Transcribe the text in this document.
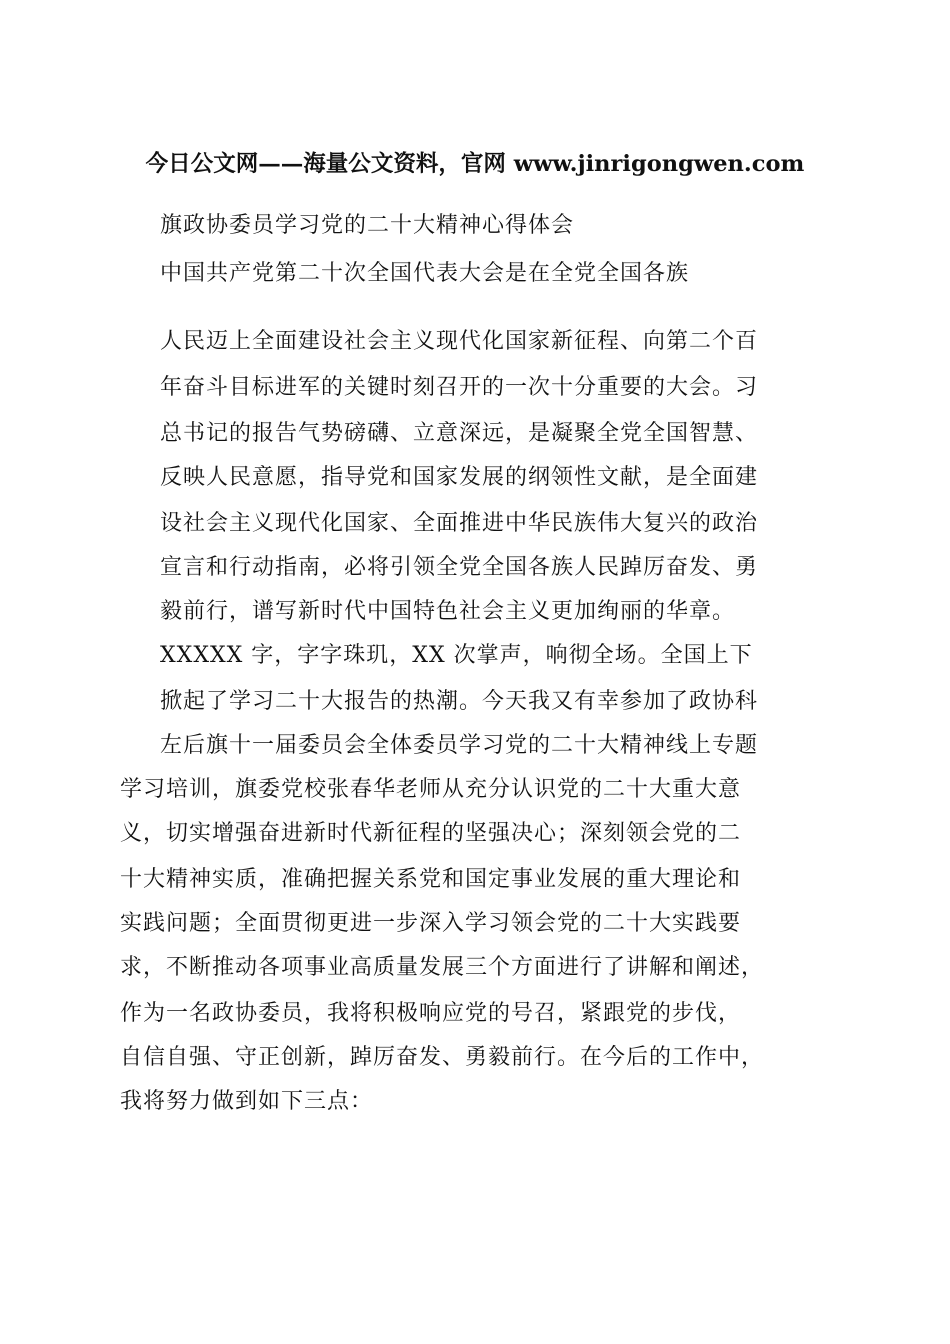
今日公文网——海量公文资料，官网 www.jinrigongwen.com
旗政协委员学习党的二十大精神心得体会
中国共产党第二十次全国代表大会是在全党全国各族
人民迈上全面建设社会主义现代化国家新征程、向第二个百
年奋斗目标进军的关键时刻召开的一次十分重要的大会。习
总书记的报告气势磅礴、立意深远，是凝聚全党全国智慧、
反映人民意愿，指导党和国家发展的纲领性文献，是全面建
设社会主义现代化国家、全面推进中华民族伟大复兴的政治
宣言和行动指南，必将引领全党全国各族人民踔厉奋发、勇
毅前行，谱写新时代中国特色社会主义更加绚丽的华章。
XXXXX 字，字字珠玑，XX 次掌声，响彻全场。全国上下
掀起了学习二十大报告的热潮。今天我又有幸参加了政协科
左后旗十一届委员会全体委员学习党的二十大精神线上专题
学习培训，旗委党校张春华老师从充分认识党的二十大重大意
义，切实增强奋进新时代新征程的坚强决心；深刻领会党的二
十大精神实质，准确把握关系党和国定事业发展的重大理论和
实践问题；全面贯彻更进一步深入学习领会党的二十大实践要
求，不断推动各项事业高质量发展三个方面进行了讲解和阐述，
作为一名政协委员，我将积极响应党的号召，紧跟党的步伐，
自信自强、守正创新，踔厉奋发、勇毅前行。在今后的工作中，
我将努力做到如下三点：
